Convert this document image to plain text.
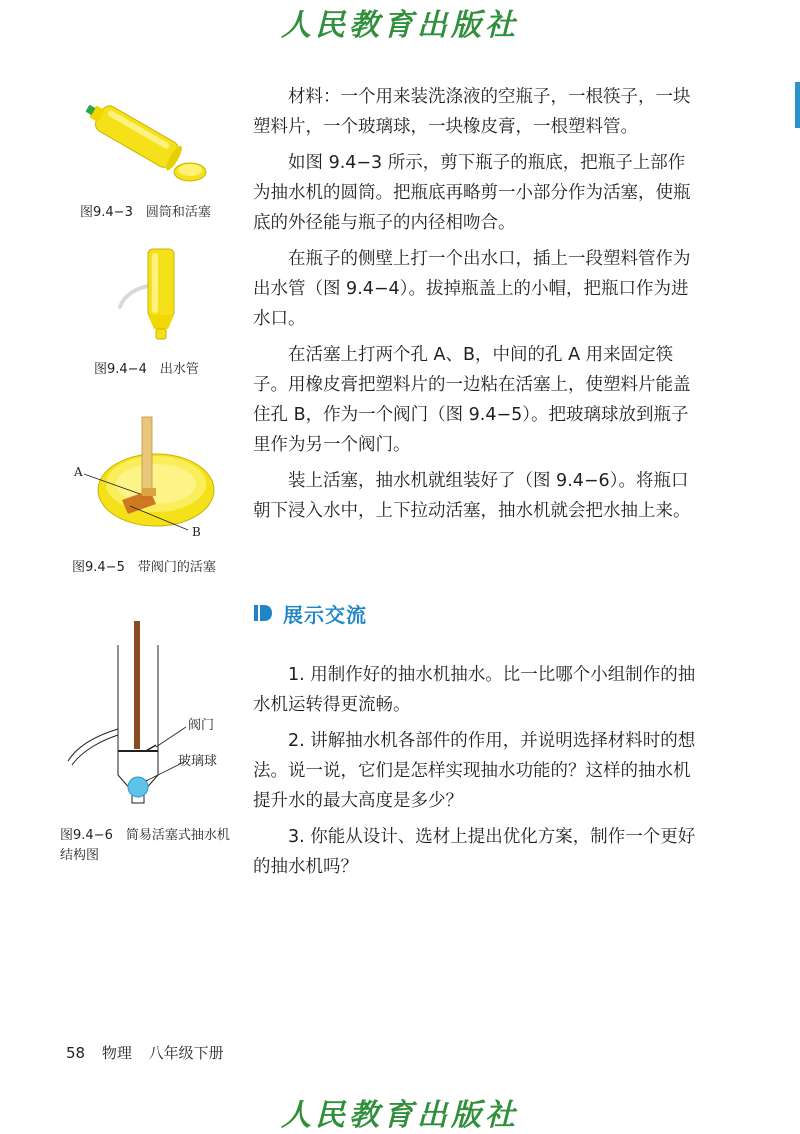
人民教育出版社
图9.4−3　圆筒和活塞
图9.4−4　出水管
A
B
图9.4−5　带阀门的活塞
阀门
玻璃球
图9.4−6　简易活塞式抽水机
结构图

材料：一个用来装洗涤液的空瓶子，一根筷子，一块塑料片，一个玻璃球，一块橡皮膏，一根塑料管。

如图 9.4−3 所示，剪下瓶子的瓶底，把瓶子上部作为抽水机的圆筒。把瓶底再略剪一小部分作为活塞，使瓶底的外径能与瓶子的内径相吻合。

在瓶子的侧壁上打一个出水口，插上一段塑料管作为出水管（图 9.4−4）。拔掉瓶盖上的小帽，把瓶口作为进水口。

在活塞上打两个孔 A、B，中间的孔 A 用来固定筷子。用橡皮膏把塑料片的一边粘在活塞上，使塑料片能盖住孔 B，作为一个阀门（图 9.4−5）。把玻璃球放到瓶子里作为另一个阀门。

装上活塞，抽水机就组装好了（图 9.4−6）。将瓶口朝下浸入水中，上下拉动活塞，抽水机就会把水抽上来。

展示交流

1. 用制作好的抽水机抽水。比一比哪个小组制作的抽水机运转得更流畅。

2. 讲解抽水机各部件的作用，并说明选择材料时的想法。说一说，它们是怎样实现抽水功能的？这样的抽水机提升水的最大高度是多少？

3. 你能从设计、选材上提出优化方案，制作一个更好的抽水机吗？

58 物理 八年级下册
人民教育出版社
